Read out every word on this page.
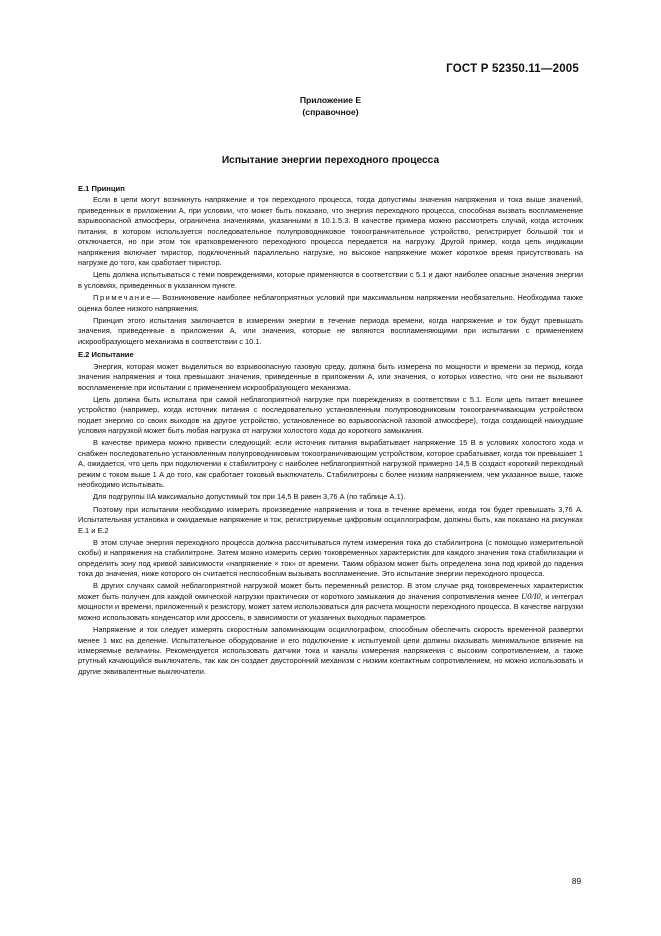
ГОСТ Р 52350.11—2005
Приложение Е
(справочное)
Испытание энергии переходного процесса
Е.1 Принцип

Если в цепи могут возникнуть напряжение и ток переходного процесса, тогда допустимы значения напряжения и тока выше значений, приведенных в приложении А, при условии, что может быть показано, что энергия переходного процесса, способная вызвать воспламенение взрывоопасной атмосферы, ограничена значениями, указанными в 10.1.5.3. В качестве примера можно рассмотреть случай, когда источник питания, в котором используется последовательное полупроводниковое токоограничительное устройство, регистрирует большой ток и отключается, но при этом ток кратковременного переходного процесса передается на нагрузку. Другой пример, когда цепь индикации напряжения включает тиристор, подключенный параллельно нагрузке, но высокое напряжение может короткое время присутствовать на нагрузке до того, как сработает тиристор.

Цепь должна испытываться с теми повреждениями, которые применяются в соответствии с 5.1 и дают наиболее опасные значения энергии в условиях, приведенных в указанном пункте.

Примечание— Возникновение наиболее неблагоприятных условий при максимальном напряжении необязательно. Необходима также оценка более низкого напряжения.

Принцип этого испытания заключается в измерении энергии в течение периода времени, когда напряжение и ток будут превышать значения, приведенные в приложении А, или значения, которые не являются воспламеняющими при испытании с применением искрообразующего механизма в соответствии с 10.1.

Е.2 Испытание

Энергия, которая может выделиться во взрывоопасную газовую среду, должна быть измерена по мощности и времени за период, когда значения напряжения и тока превышают значения, приведенные в приложении А, или значения, о которых известно, что они не вызывают воспламенение при испытании с применением искрообразующего механизма.

Цепь должна быть испытана при самой неблагоприятной нагрузке при повреждениях в соответствии с 5.1. Если цепь питает внешнее устройство (например, когда источник питания с последовательно установленным полупроводниковым токоограничивающим устройством подает энергию со своих выходов на другое устройство, установленное во взрывоопасной газовой атмосфере), тогда создающей наихудшие условия нагрузкой может быть любая нагрузка от нагрузки холостого хода до короткого замыкания.

В качестве примера можно привести следующий: если источник питания вырабатывает напряжение 15 В в условиях холостого хода и снабжен последовательно установленным полупроводниковым токоограничивающим устройством, которое срабатывает, когда ток превышает 1 А, ожидается, что цепь при подключении к стабилитрону с наиболее неблагоприятной нагрузкой примерно 14,5 В создаст короткий переходный режим с током выше 1 А до того, как сработает токовый выключатель. Стабилитроны с более низким напряжением, чем указанное выше, также необходимо испытывать.

Для подгруппы IIA максимально допустимый ток при 14,5 В равен 3,76 А (по таблице А.1).

Поэтому при испытании необходимо измерить произведение напряжения и тока в течение времени, когда ток будет превышать 3,76 А. Испытательная установка и ожидаемые напряжение и ток, регистрируемые цифровым осциллографом, должны быть, как показано на рисунках Е.1 и Е.2

В этом случае энергия переходного процесса должна рассчитываться путем измерения тока до стабилитрона (с помощью измерительной скобы) и напряжения на стабилитроне. Затем можно измерить серию токовременных характеристик для каждого значения тока стабилизации и определить зону под кривой зависимости «напряжение × ток» от времени. Таким образом может быть определена зона под кривой до падения тока до значения, ниже которого он считается неспособным вызывать воспламенение. Это испытание энергии переходного процесса.

В других случаях самой неблагоприятной нагрузкой может быть переменный резистор. В этом случае ряд токовременных характеристик может быть получен для каждой омической нагрузки практически от короткого замыкания до значения сопротивления менее U0/I0, и интеграл мощности и времени, приложенный к резистору, может затем использоваться для расчета мощности переходного процесса. В качестве нагрузки можно использовать конденсатор или дроссель, в зависимости от указанных выходных параметров.

Напряжение и ток следует измерять скоростным запоминающим осциллографом, способным обеспечить скорость временной развертки менее 1 мкс на деление. Испытательное оборудование и его подключение к испытуемой цепи должны оказывать минимальное влияние на измеряемые величины. Рекомендуется использовать датчики тока и каналы измерения напряжения с высоким сопротивлением, а также ртутный качающийся выключатель, так как он создает двусторонний механизм с низким контактным сопротивлением, но можно использовать и другие эквивалентные выключатели.

89
